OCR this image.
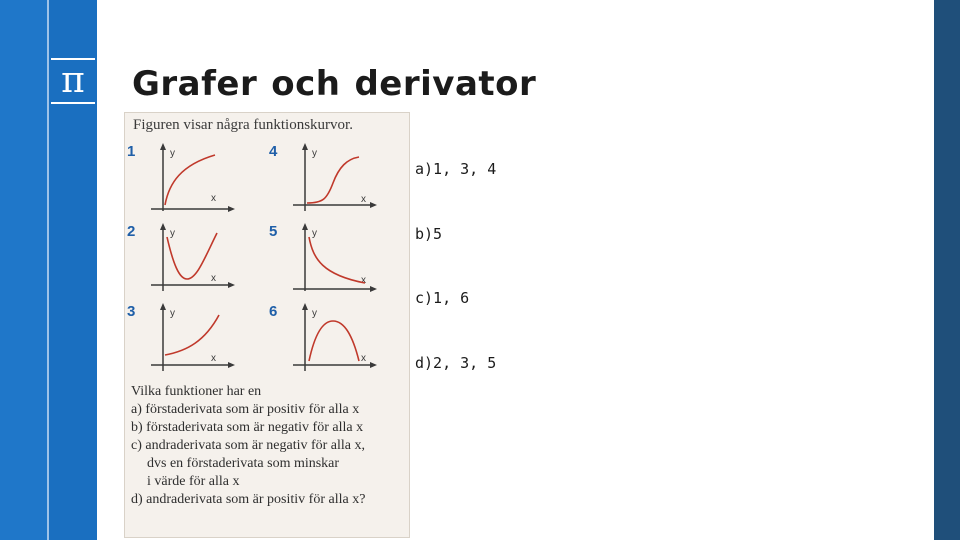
π Grafer och derivator
Figuren visar några funktionskurvor.
1	y
x
4	y
x
2	y
x
5	y
x
3	y
x
6	y
x

Vilka funktioner har en

a) förstaderivata som är positiv för alla x

b) förstaderivata som är negativ för alla x

c) andraderivata som är negativ för alla x,

dvs en förstaderivata som minskar

i värde för alla x

d) andraderivata som är positiv för alla x?

a)1, 3, 4

b)5

c)1, 6

d)2, 3, 5
